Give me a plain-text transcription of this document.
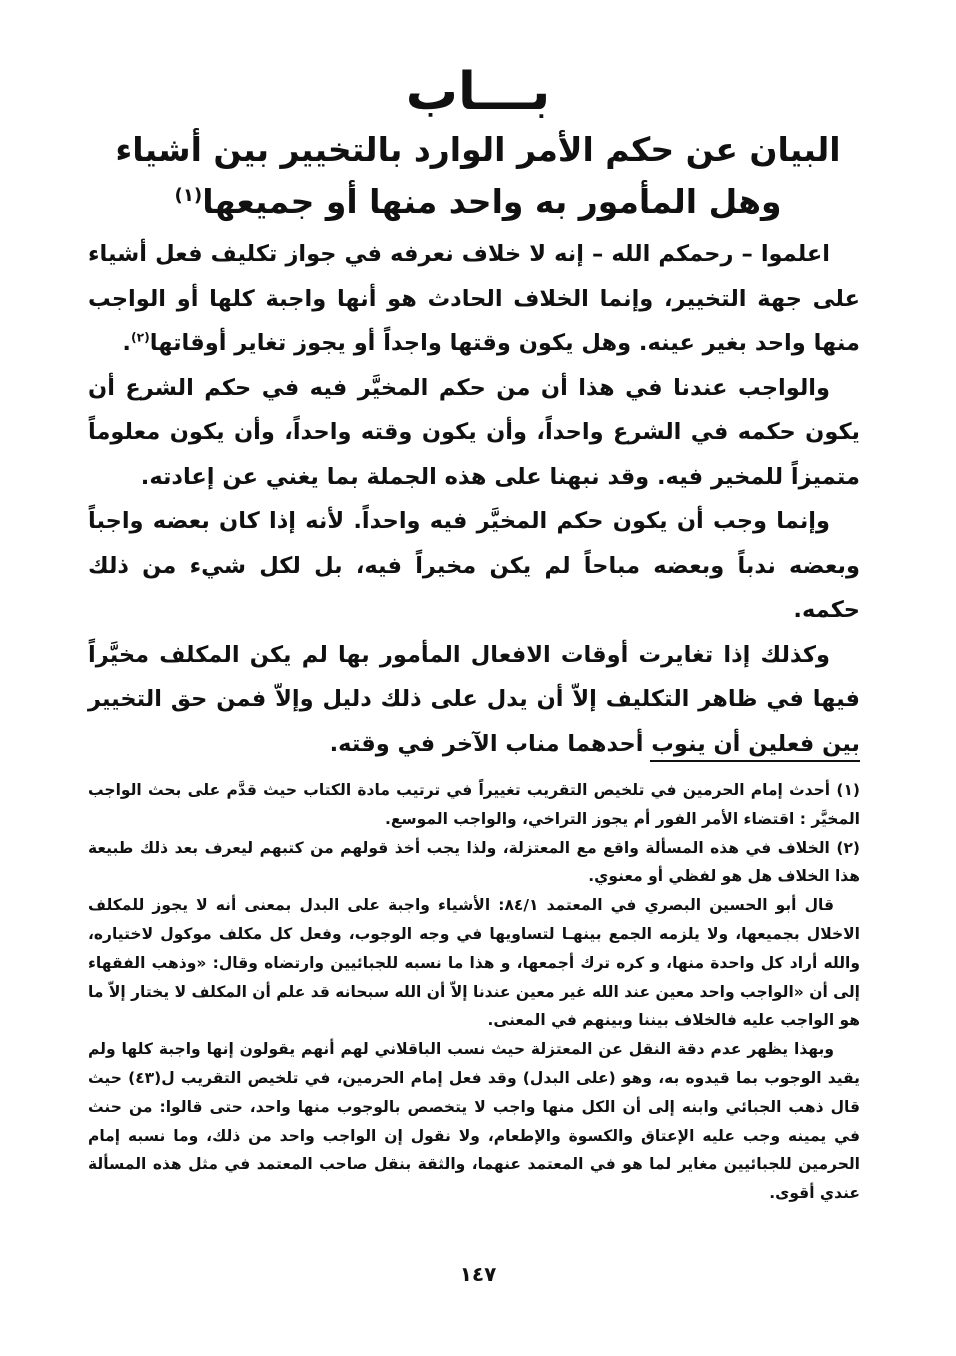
بـــاب
البيان عن حكم الأمر الوارد بالتخيير بين أشياء
وهل المأمور به واحد منها أو جميعها$^{(١)}$

اعلموا – رحمكم الله – إنه لا خلاف نعرفه في جواز تكليف فعل أشياء على جهة التخيير، وإنما الخلاف الحادث هو أنها واجبة كلها أو الواجب منها واحد بغير عينه. وهل يكون وقتها واجداً أو يجوز تغاير أوقاتها$^{(٢)}$.

والواجب عندنا في هذا أن من حكم المخيَّر فيه في حكم الشرع أن يكون حكمه في الشرع واحداً، وأن يكون وقته واحداً، وأن يكون معلوماً متميزاً للمخير فيه. وقد نبهنا على هذه الجملة بما يغني عن إعادته.

وإنما وجب أن يكون حكم المخيَّر فيه واحداً. لأنه إذا كان بعضه واجباً وبعضه ندباً وبعضه مباحاً لم يكن مخيراً فيه، بل لكل شيء من ذلك حكمه.

وكذلك إذا تغايرت أوقات الافعال المأمور بها لم يكن المكلف مخيَّراً فيها في ظاهر التكليف إلاّ أن يدل على ذلك دليل وإلاّ فمن حق التخيير بين فعلين أن ينوب أحدهما مناب الآخر في وقته.

(١) أحدث إمام الحرمين في تلخيص التقريب تغييراً في ترتيب مادة الكتاب حيث قدَّم على بحث الواجب المخيَّر : اقتضاء الأمر الفور أم يجوز التراخي، والواجب الموسع.

(٢) الخلاف في هذه المسألة واقع مع المعتزلة، ولذا يجب أخذ قولهم من كتبهم ليعرف بعد ذلك طبيعة هذا الخلاف هل هو لفظي أو معنوي.

قال أبو الحسين البصري في المعتمد ٨٤/١: الأشياء واجبة على البدل بمعنى أنه لا يجوز للمكلف الاخلال بجميعها، ولا يلزمه الجمع بينهـا لتساويها في وجه الوجوب، وفعل كل مكلف موكول لاختياره، والله أراد كل واحدة منها، و كره ترك أجمعها، و هذا ما نسبه للجبائيين وارتضاه وقال: «وذهب الفقهاء إلى أن «الواجب واحد معين عند الله غير معين عندنا إلاّ أن الله سبحانه قد علم أن المكلف لا يختار إلاّ ما هو الواجب عليه فالخلاف بيننا وبينهم في المعنى.

وبهذا يظهر عدم دقة النقل عن المعتزلة حيث نسب الباقلاني لهم أنهم يقولون إنها واجبة كلها ولم يقيد الوجوب بما قيدوه به، وهو (على البدل) وقد فعل إمام الحرمين، في تلخيص التقريب ل(٤٣) حيث قال ذهب الجبائي وابنه إلى أن الكل منها واجب لا يتخصص بالوجوب منها واحد، حتى قالوا: من حنث في يمينه وجب عليه الإعتاق والكسوة والإطعام، ولا نقول إن الواجب واحد من ذلك، وما نسبه إمام الحرمين للجبائيين مغاير لما هو في المعتمد عنهما، والثقة بنقل صاحب المعتمد في مثل هذه المسألة عندي أقوى.

١٤٧
